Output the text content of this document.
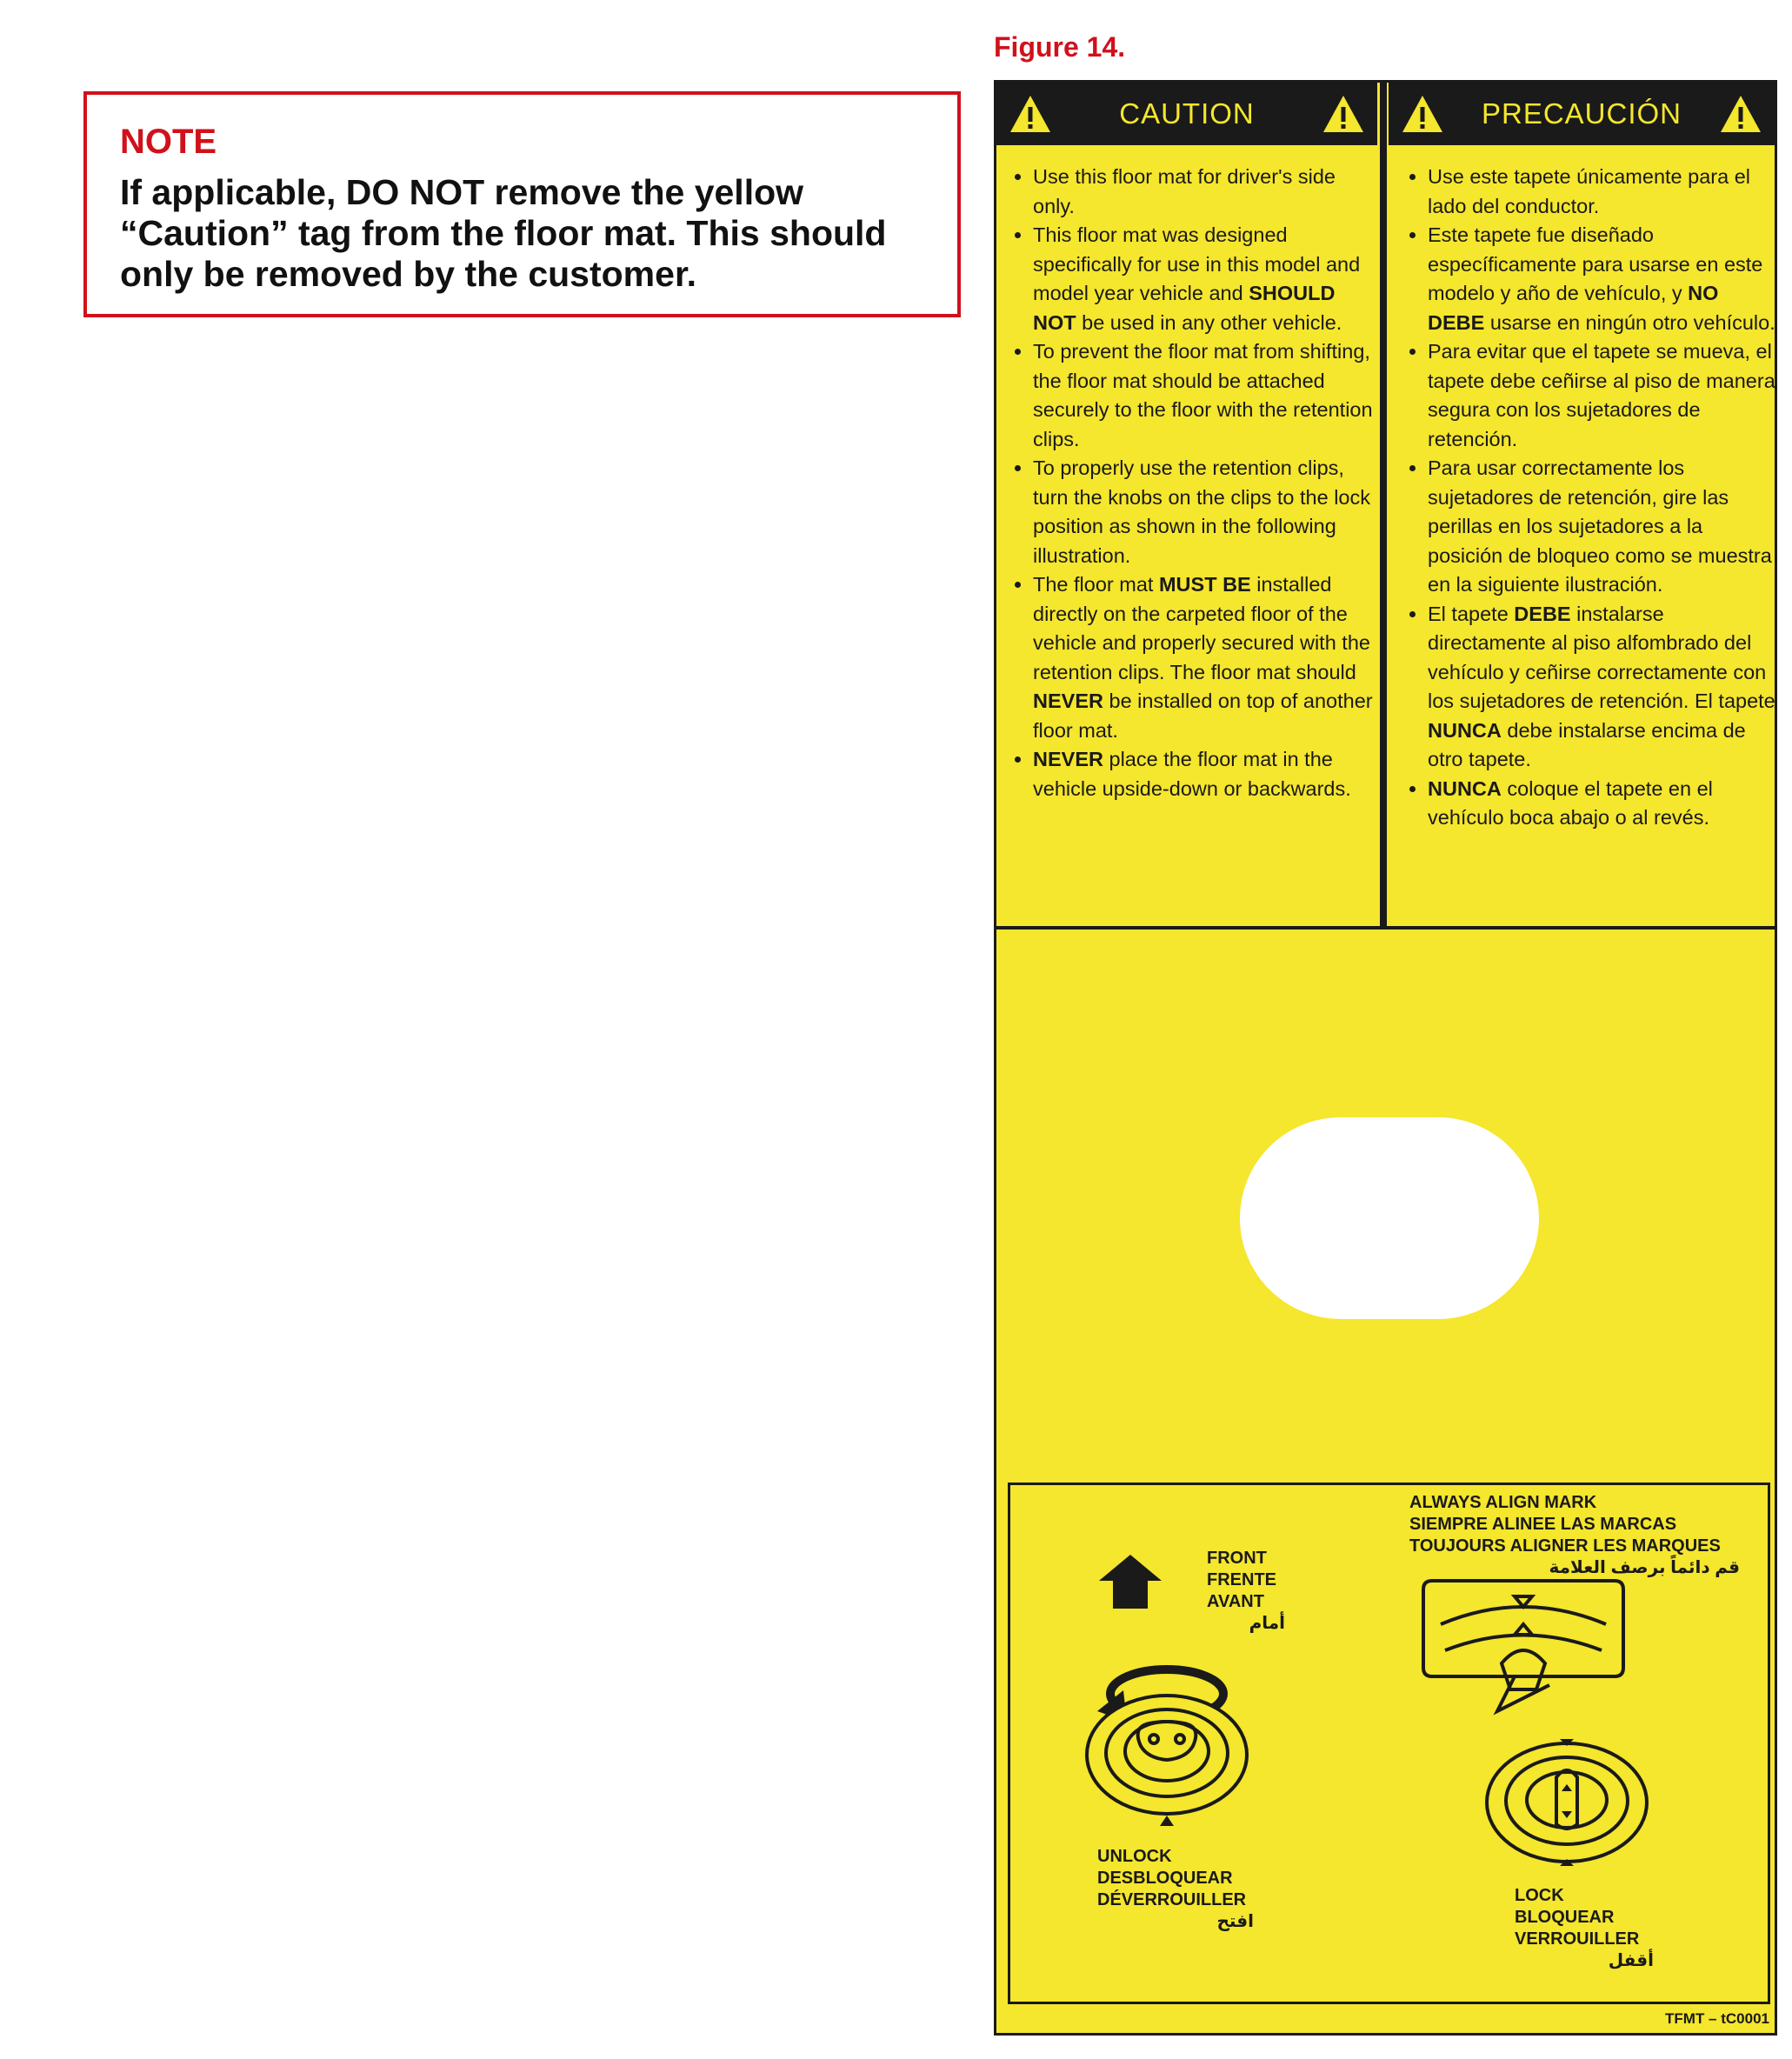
NOTE

If applicable, DO NOT remove the yellow “Caution” tag from the floor mat. This should only be removed by the customer.

Figure 14.
CAUTION	PRECAUCIÓN
• Use this floor mat for driver's side only.
• This floor mat was designed specifically for use in this model and model year vehicle and SHOULD NOT be used in any other vehicle.
• To prevent the floor mat from shifting, the floor mat should be attached securely to the floor with the retention clips.
• To properly use the retention clips, turn the knobs on the clips to the lock position as shown in the following illustration.
• The floor mat MUST BE installed directly on the carpeted floor of the vehicle and properly secured with the retention clips. The floor mat should NEVER be installed on top of another floor mat.
• NEVER place the floor mat in the vehicle upside-down or backwards.
• Use este tapete únicamente para el lado del conductor.
• Este tapete fue diseñado específicamente para usarse en este modelo y año de vehículo, y NO DEBE usarse en ningún otro vehículo.
• Para evitar que el tapete se mueva, el tapete debe ceñirse al piso de manera segura con los sujetadores de retención.
• Para usar correctamente los sujetadores de retención, gire las perillas en los sujetadores a la posición de bloqueo como se muestra en la siguiente ilustración.
• El tapete DEBE instalarse directamente al piso alfombrado del vehículo y ceñirse correctamente con los sujetadores de retención. El tapete NUNCA debe instalarse encima de otro tapete.
• NUNCA coloque el tapete en el vehículo boca abajo o al revés.
ALWAYS ALIGN MARK
SIEMPRE ALINEE LAS MARCAS
TOUJOURS ALIGNER LES MARQUES
قم دائماً برصف العلامة
FRONT
FRENTE
AVANT
أمام
UNLOCK
DESBLOQUEAR
DÉVERROUILLER
افتح
LOCK
BLOQUEAR
VERROUILLER
أقفل
TFMT – tC0001
